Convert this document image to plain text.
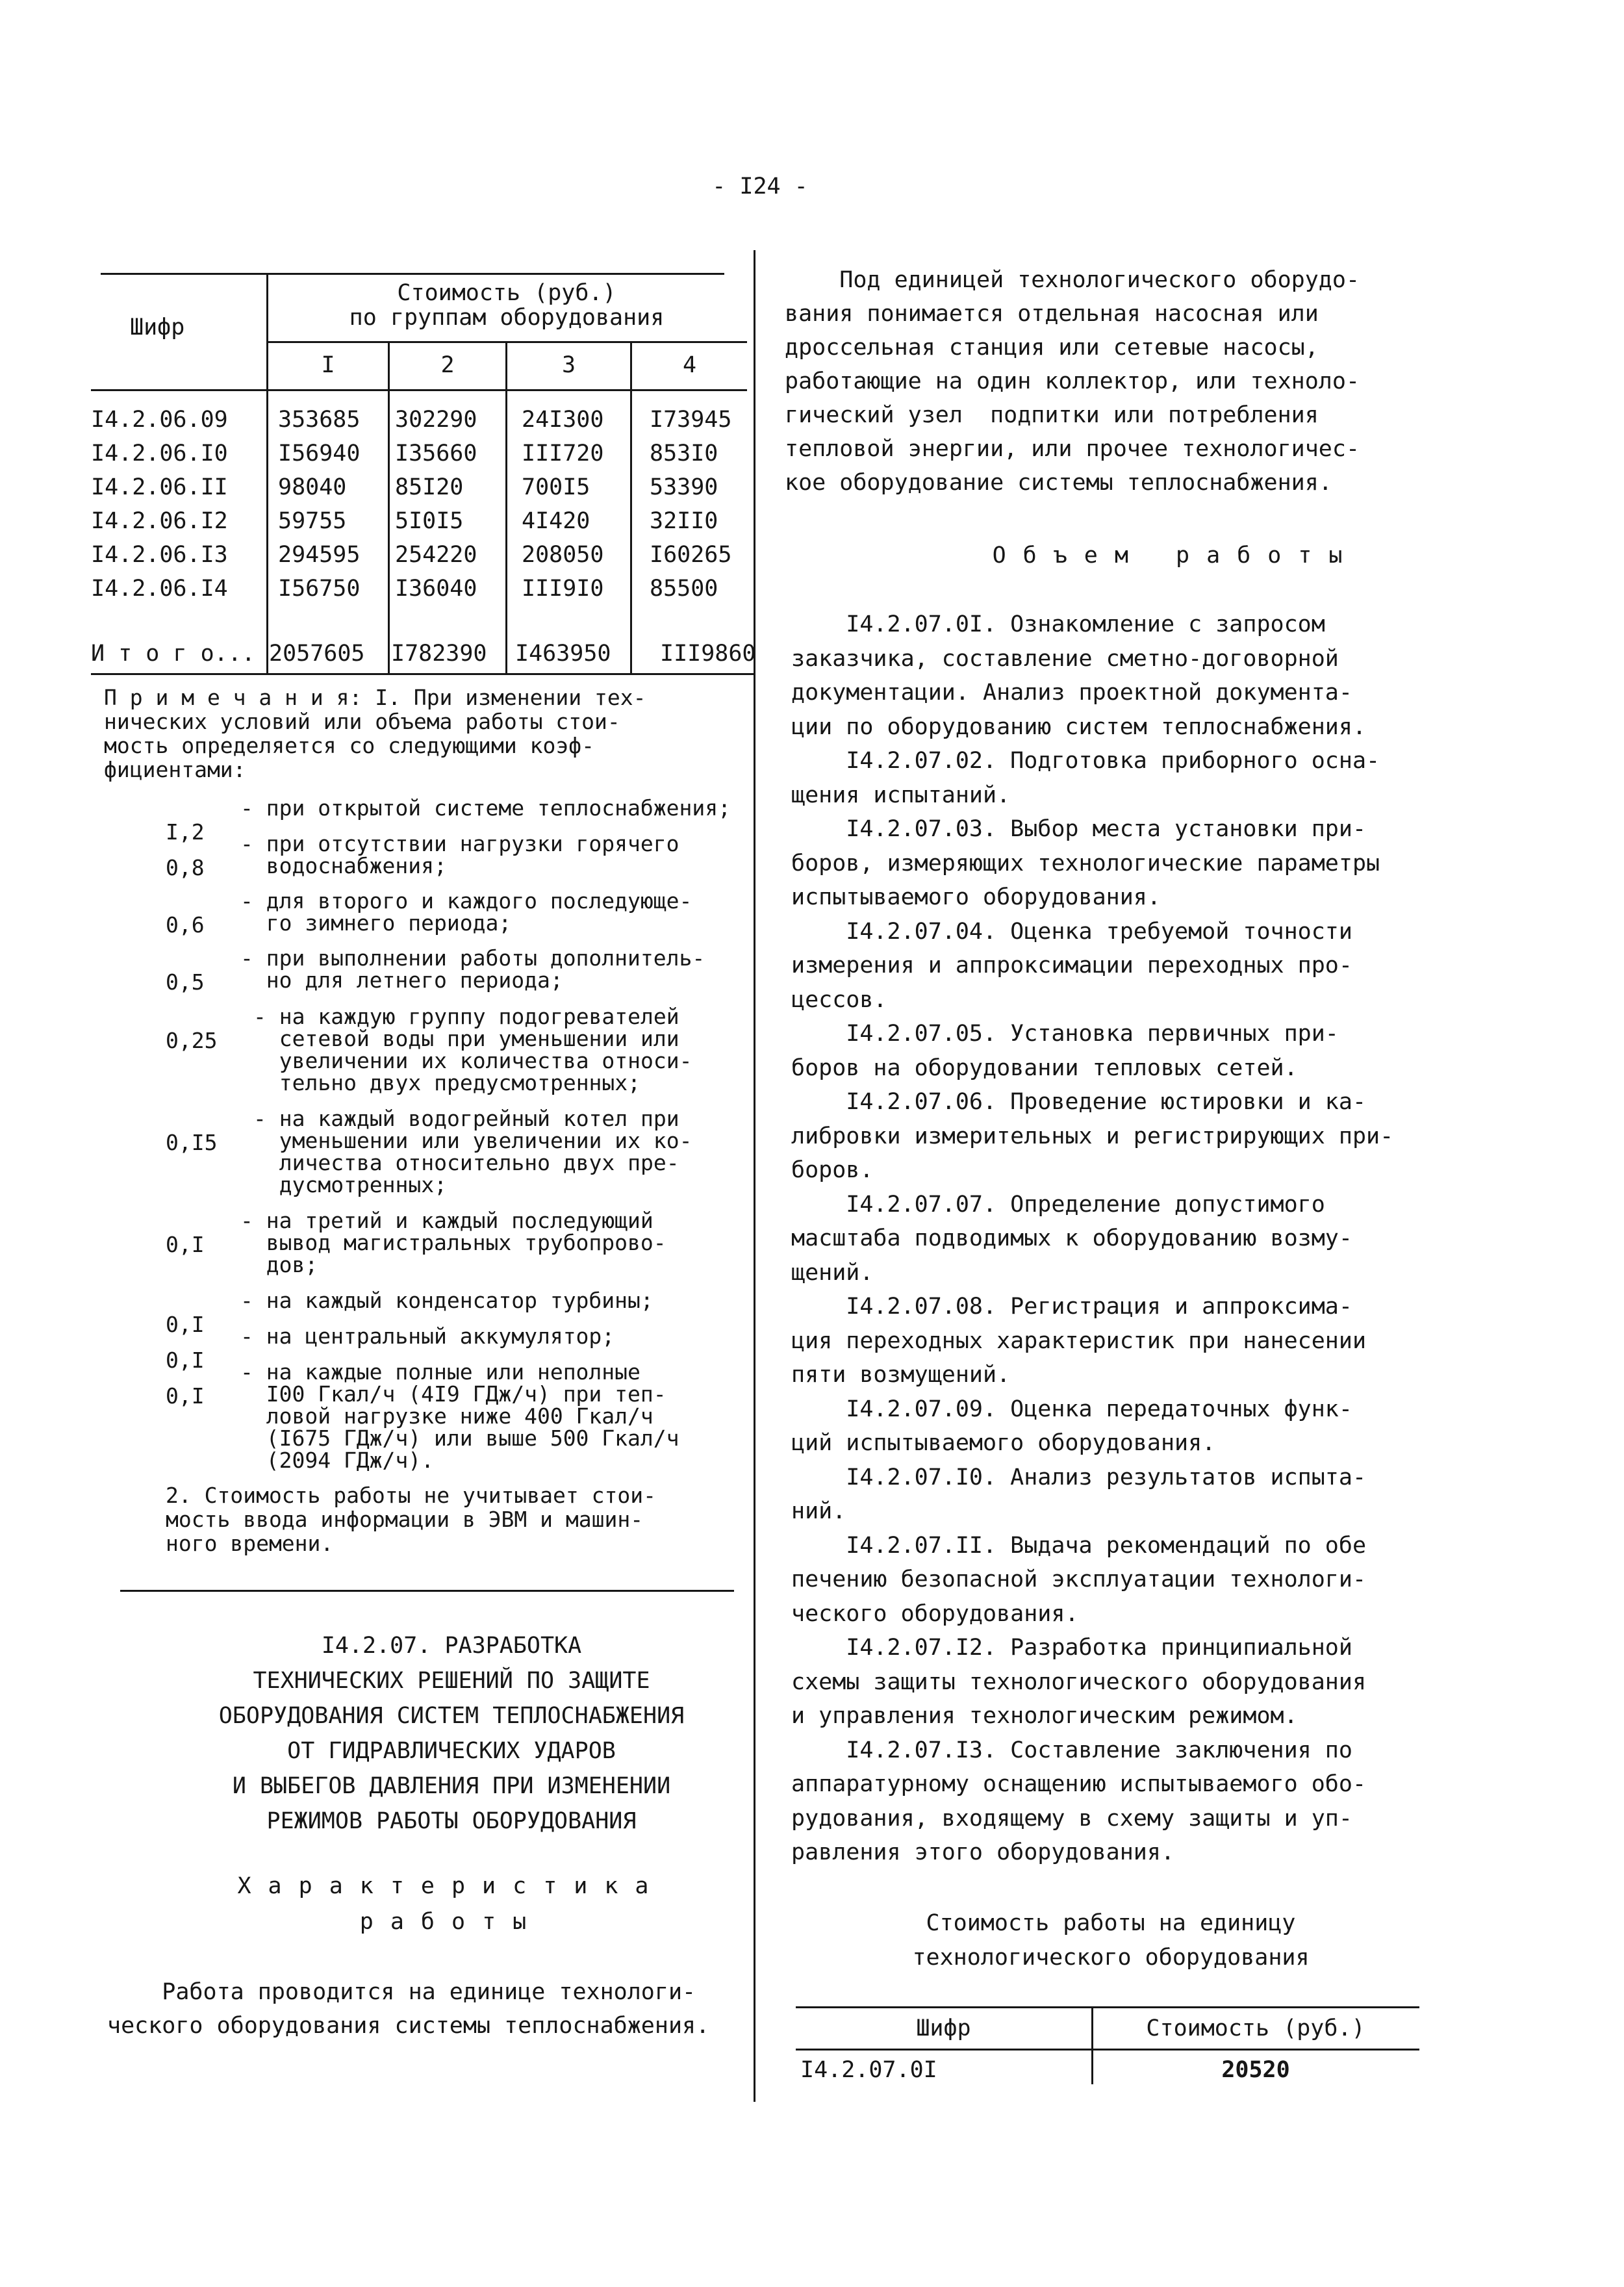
- I24 -
Шифр
Стоимость (руб.)
по группам оборудования
I	2	3	4
I4.2.06.09 353685 302290 24I300 I73945
I4.2.06.I0 I56940 I35660 III720 853I0
I4.2.06.II 98040 85I20	700I5	53390
I4.2.06.I2 59755 5I0I5	4I420	32II0
I4.2.06.I3 294595 254220 208050 I60265
I4.2.06.I4 I56750 I36040 III9I0 85500
И т о г о... 2057605 I782390 I463950 III9860
П р и м е ч а н и я: I. При изменении тех-
нических условий или объема работы стои-
мость определяется со следующими коэф-
фициентами:

I,2

- при открытой системе теплоснабжения;

0,8

- при отсутствии нагрузки горячего

водоснабжения;

0,6

- для второго и каждого последующе-

го зимнего периода;

0,5

- при выполнении работы дополнитель-

но для летнего периода;

0,25

- на каждую группу подогревателей

сетевой воды при уменьшении или

увеличении их количества относи-

тельно двух предусмотренных;

0,I5

- на каждый водогрейный котел при

уменьшении или увеличении их ко-

личества относительно двух пре-

дусмотренных;

0,I

- на третий и каждый последующий

вывод магистральных трубопрово-

дов;

0,I

- на каждый конденсатор турбины;

0,I

- на центральный аккумулятор;

0,I

- на каждые полные или неполные

I00 Гкал/ч (4I9 ГДж/ч) при теп-

ловой нагрузке ниже 400 Гкал/ч

(I675 ГДж/ч) или выше 500 Гкал/ч

(2094 ГДж/ч).

2. Стоимость работы не учитывает стои-
мость ввода информации в ЭВМ и машин-
ного времени.
I4.2.07. РАЗРАБОТКА
ТЕХНИЧЕСКИХ РЕШЕНИЙ ПО ЗАЩИТЕ
ОБОРУДОВАНИЯ СИСТЕМ ТЕПЛОСНАБЖЕНИЯ
ОТ ГИДРАВЛИЧЕСКИХ УДАРОВ
И ВЫБЕГОВ ДАВЛЕНИЯ ПРИ ИЗМЕНЕНИИ
РЕЖИМОВ РАБОТЫ ОБОРУДОВАНИЯ
Характеристика
работы
Работа проводится на единице технологи-
ческого оборудования системы теплоснабжения.
Под единицей технологического оборудо-
вания понимается отдельная насосная или
дроссельная станция или сетевые насосы,
работающие на один коллектор, или техноло-
гический узел  подпитки или потребления
тепловой энергии, или прочее технологичес-
кое оборудование системы теплоснабжения.
Объем работы
I4.2.07.0I. Ознакомление с запросом
заказчика, составление сметно-договорной
документации. Анализ проектной документа-
ции по оборудованию систем теплоснабжения.
I4.2.07.02. Подготовка приборного осна-
щения испытаний.
I4.2.07.03. Выбор места установки при-
боров, измеряющих технологические параметры
испытываемого оборудования.
I4.2.07.04. Оценка требуемой точности
измерения и аппроксимации переходных про-
цессов.
I4.2.07.05. Установка первичных при-
боров на оборудовании тепловых сетей.
I4.2.07.06. Проведение юстировки и ка-
либровки измерительных и регистрирующих при-
боров.
I4.2.07.07. Определение допустимого
масштаба подводимых к оборудованию возму-
щений.
I4.2.07.08. Регистрация и аппроксима-
ция переходных характеристик при нанесении
пяти возмущений.
I4.2.07.09. Оценка передаточных функ-
ций испытываемого оборудования.
I4.2.07.I0. Анализ результатов испыта-
ний.
I4.2.07.II. Выдача рекомендаций по обе
печению безопасной эксплуатации технологи-
ческого оборудования.
I4.2.07.I2. Разработка принципиальной
схемы защиты технологического оборудования
и управления технологическим режимом.
I4.2.07.I3. Составление заключения по
аппаратурному оснащению испытываемого обо-
рудования, входящему в схему защиты и уп-
равления этого оборудования.
Стоимость работы на единицу
технологического оборудования
Шифр	Стоимость (руб.)
I4.2.07.0I	20520
